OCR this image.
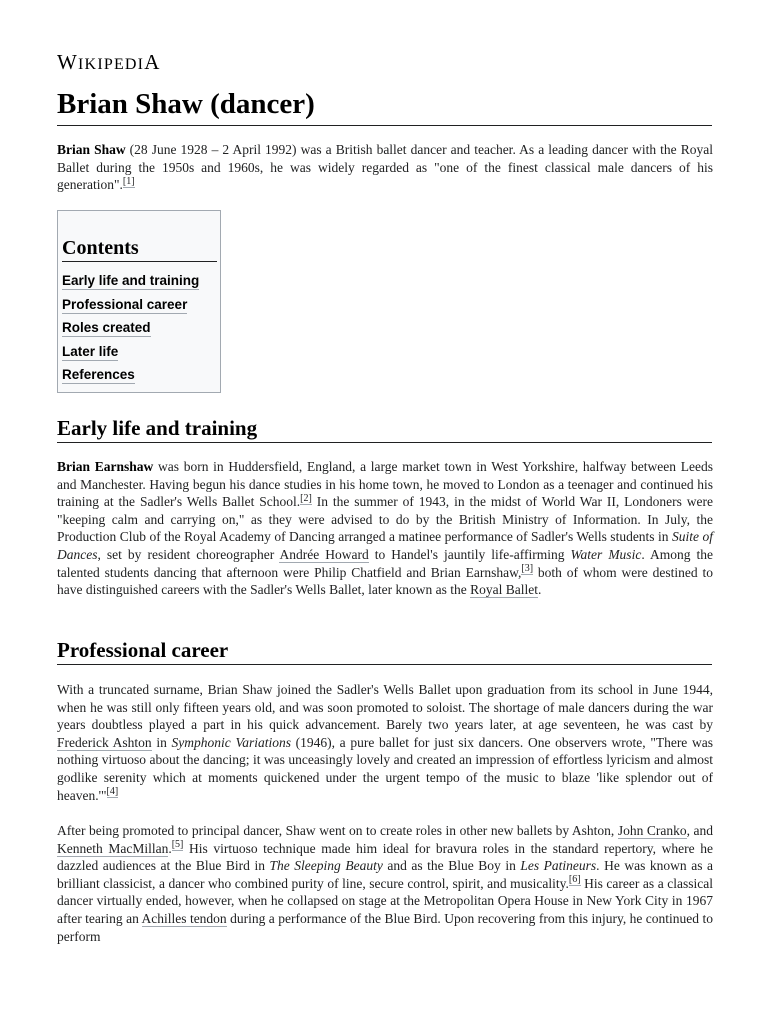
WIKIPEDIA
Brian Shaw (dancer)
Brian Shaw (28 June 1928 – 2 April 1992) was a British ballet dancer and teacher. As a leading dancer with the Royal Ballet during the 1950s and 1960s, he was widely regarded as "one of the finest classical male dancers of his generation".[1]
Contents
Early life and training
Professional career
Roles created
Later life
References
Early life and training
Brian Earnshaw was born in Huddersfield, England, a large market town in West Yorkshire, halfway between Leeds and Manchester. Having begun his dance studies in his home town, he moved to London as a teenager and continued his training at the Sadler's Wells Ballet School.[2] In the summer of 1943, in the midst of World War II, Londoners were "keeping calm and carrying on," as they were advised to do by the British Ministry of Information. In July, the Production Club of the Royal Academy of Dancing arranged a matinee performance of Sadler's Wells students in Suite of Dances, set by resident choreographer Andrée Howard to Handel's jauntily life-affirming Water Music. Among the talented students dancing that afternoon were Philip Chatfield and Brian Earnshaw,[3] both of whom were destined to have distinguished careers with the Sadler's Wells Ballet, later known as the Royal Ballet.
Professional career
With a truncated surname, Brian Shaw joined the Sadler's Wells Ballet upon graduation from its school in June 1944, when he was still only fifteen years old, and was soon promoted to soloist. The shortage of male dancers during the war years doubtless played a part in his quick advancement. Barely two years later, at age seventeen, he was cast by Frederick Ashton in Symphonic Variations (1946), a pure ballet for just six dancers. One observers wrote, "There was nothing virtuoso about the dancing; it was unceasingly lovely and created an impression of effortless lyricism and almost godlike serenity which at moments quickened under the urgent tempo of the music to blaze 'like splendor out of heaven.'"[4]
After being promoted to principal dancer, Shaw went on to create roles in other new ballets by Ashton, John Cranko, and Kenneth MacMillan.[5] His virtuoso technique made him ideal for bravura roles in the standard repertory, where he dazzled audiences at the Blue Bird in The Sleeping Beauty and as the Blue Boy in Les Patineurs. He was known as a brilliant classicist, a dancer who combined purity of line, secure control, spirit, and musicality.[6] His career as a classical dancer virtually ended, however, when he collapsed on stage at the Metropolitan Opera House in New York City in 1967 after tearing an Achilles tendon during a performance of the Blue Bird. Upon recovering from this injury, he continued to perform
